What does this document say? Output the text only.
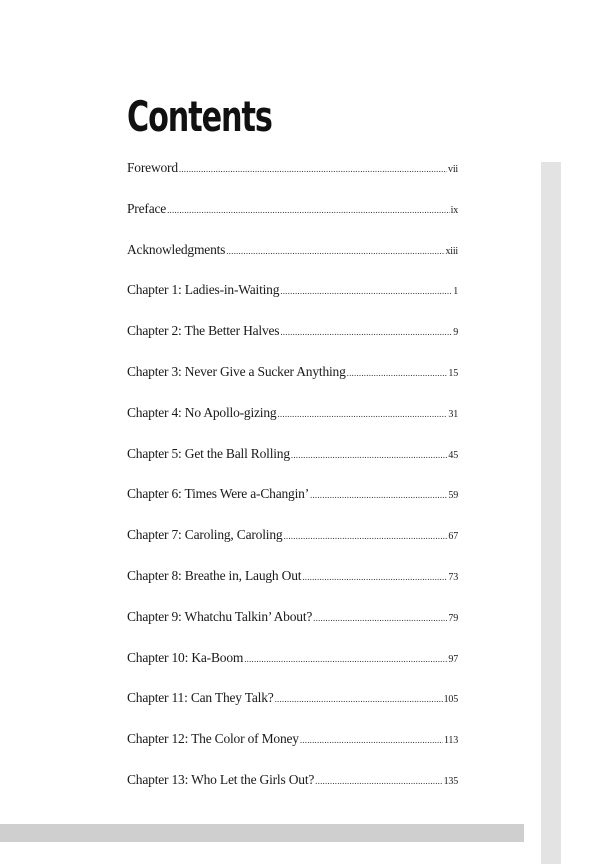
Contents
Foreword .....	vii
Preface .....	ix
Acknowledgments .....	xiii
Chapter 1: Ladies-in-Waiting .....	1
Chapter 2: The Better Halves .....	9
Chapter 3: Never Give a Sucker Anything .....	15
Chapter 4: No Apollo-gizing .....	31
Chapter 5: Get the Ball Rolling .....	45
Chapter 6: Times Were a-Changin’ .....	59
Chapter 7: Caroling, Caroling .....	67
Chapter 8: Breathe in, Laugh Out .....	73
Chapter 9: Whatchu Talkin’ About? .....	79
Chapter 10: Ka-Boom .....	97
Chapter 11: Can They Talk? .....	105
Chapter 12: The Color of Money .....	113
Chapter 13: Who Let the Girls Out? .....	135
